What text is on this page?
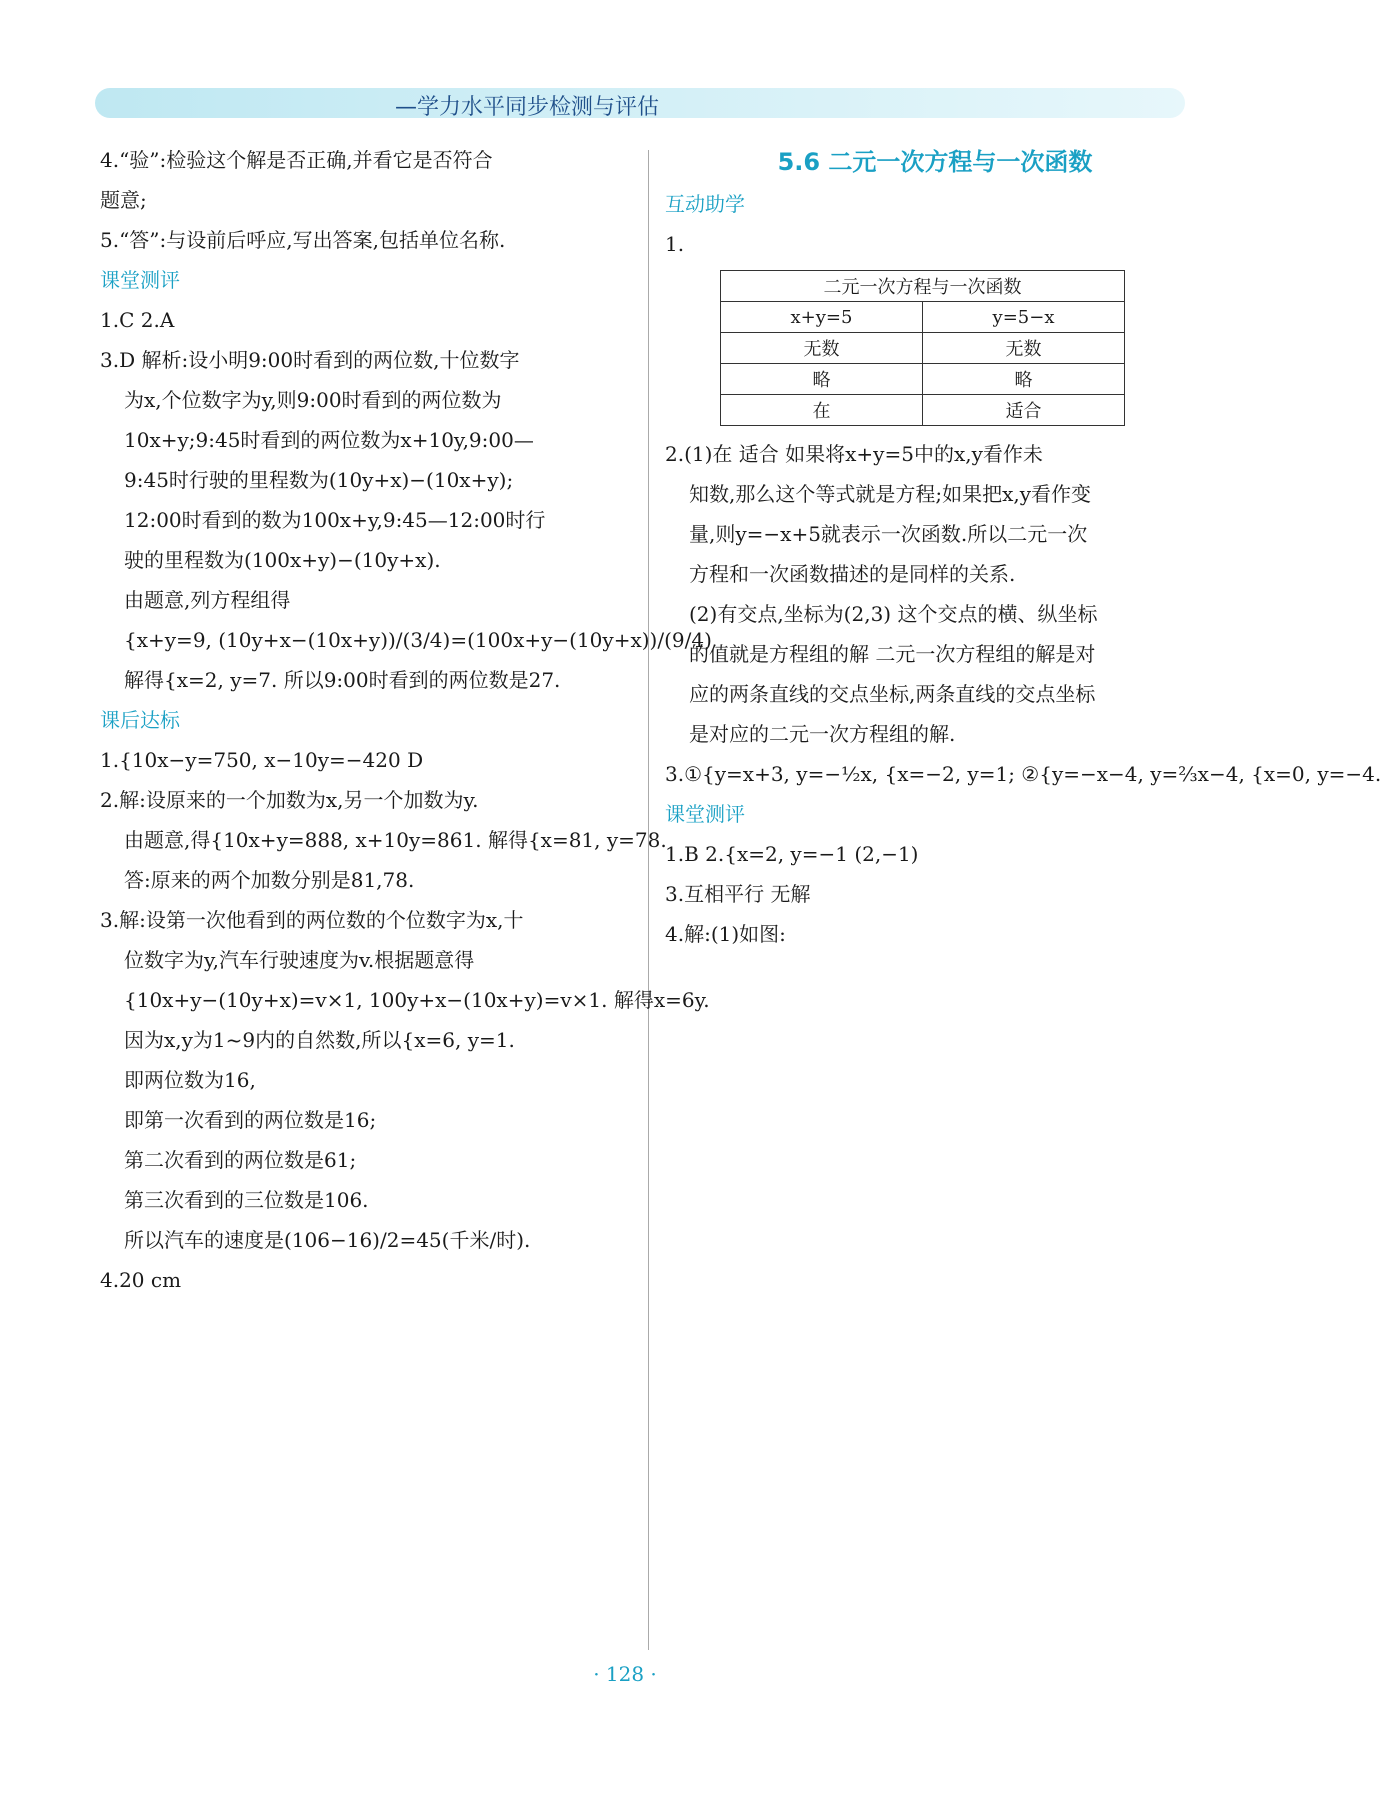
—学力水平同步检测与评估
4.“验”:检验这个解是否正确,并看它是否符合
题意;
5.“答”:与设前后呼应,写出答案,包括单位名称.
课堂测评
1.C 2.A
3.D 解析:设小明9:00时看到的两位数,十位数字
为x,个位数字为y,则9:00时看到的两位数为
10x+y;9:45时看到的两位数为x+10y,9:00—
9:45时行驶的里程数为(10y+x)−(10x+y);
12:00时看到的数为100x+y,9:45—12:00时行
驶的里程数为(100x+y)−(10y+x).
由题意,列方程组得
{x+y=9, (10y+x−(10x+y))/(3/4)=(100x+y−(10y+x))/(9/4)
解得{x=2, y=7. 所以9:00时看到的两位数是27.
课后达标
1.{10x−y=750, x−10y=−420 D
2.解:设原来的一个加数为x,另一个加数为y.
由题意,得{10x+y=888, x+10y=861. 解得{x=81, y=78.
答:原来的两个加数分别是81,78.
3.解:设第一次他看到的两位数的个位数字为x,十
位数字为y,汽车行驶速度为v.根据题意得
{10x+y−(10y+x)=v×1, 100y+x−(10x+y)=v×1. 解得x=6y.
因为x,y为1~9内的自然数,所以{x=6, y=1.
即两位数为16,
即第一次看到的两位数是16;
第二次看到的两位数是61;
第三次看到的三位数是106.
所以汽车的速度是(106−16)/2=45(千米/时).
4.20 cm
5.6 二元一次方程与一次函数
互动助学
1.
二元一次方程与一次函数	
x+y=5	y=5−x
无数	无数
略	略
在	适合
2.(1)在 适合 如果将x+y=5中的x,y看作未
知数,那么这个等式就是方程;如果把x,y看作变
量,则y=−x+5就表示一次函数.所以二元一次
方程和一次函数描述的是同样的关系.
(2)有交点,坐标为(2,3) 这个交点的横、纵坐标
的值就是方程组的解 二元一次方程组的解是对
应的两条直线的交点坐标,两条直线的交点坐标
是对应的二元一次方程组的解.
3.①{y=x+3, y=−½x, {x=−2, y=1; ②{y=−x−4, y=⅔x−4, {x=0, y=−4.
课堂测评
1.B 2.{x=2, y=−1 (2,−1)
3.互相平行 无解
4.解:(1)如图:
· 128 ·
